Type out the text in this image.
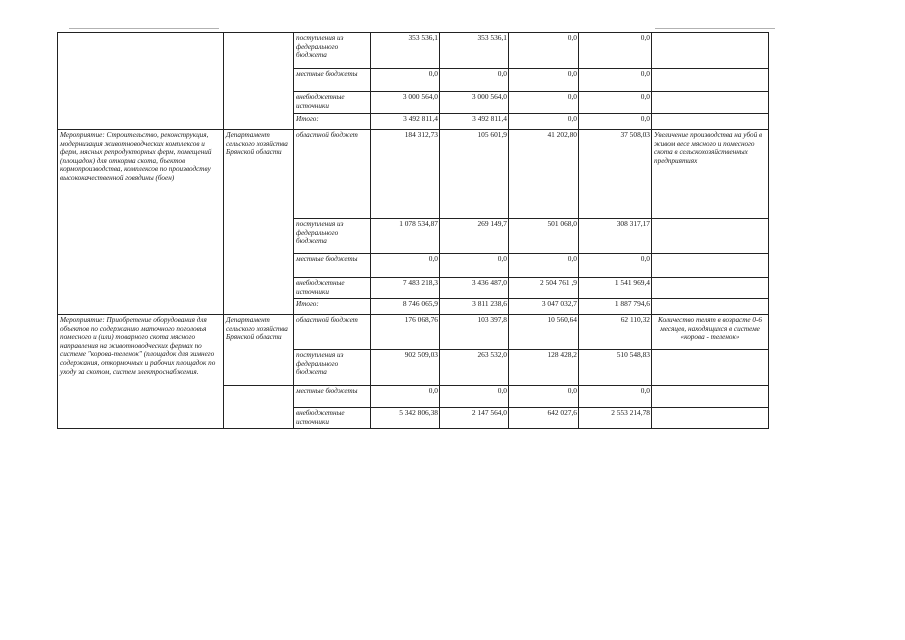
		поступления из федерального бюджета	353 536,1	353 536,1	0,0	0,0	
		местные бюджеты	0,0	0,0	0,0	0,0	
		внебюджетные источники	3 000 564,0	3 000 564,0	0,0	0,0	
		Итого:	3 492 811,4	3 492 811,4	0,0	0,0	
Мероприятие: Строительство, реконструкция, модернизация животноводческих комплексов и ферм, мясных репродукторных ферм, помещений (площадок) для откорма скота, бъектов кормопроизводства, комплексов по производству высококачественной говядины (боен)	Департамент сельского хозяйства Брянской области	областной бюджет	184 312,73	105 601,9	41 202,80	37 508,03	Увеличение производства на убой в живом весе мясного и помесного скота в сельскохозяйственных предприятиях
		поступления из федерального бюджета	1 078 534,87	269 149,7	501 068,0	308 317,17	
		местные бюджеты	0,0	0,0	0,0	0,0	
		внебюджетные источники	7 483 218,3	3 436 487,0	2 504 761 ,9	1 541 969,4	
		Итого:	8 746 065,9	3 811 238,6	3 047 032,7	1 887 794,6	
Мероприятие: Приобретение оборудования для объектов по содержанию маточного поголовья помесного и (или) товарного скота мясного направления на животноводческих фермах по системе "корова-теленок" (площадок для зимнего содержания, откормочных и рабочих площадок по уходу за скотом, систем электроснабжения.	Департамент сельского хозяйства Брянской области	областной бюджет	176 068,76	103 397,8	10 560,64	62 110,32	Количество телят в возрасте 0-6 месяцев, находящихся в системе «корова - теленок»
		поступления из федерального бюджета	902 509,03	263 532,0	128 428,2	510 548,83	
		местные бюджеты	0,0	0,0	0,0	0,0	
		внебюджетные источники	5 342 806,38	2 147 564,0	642 027,6	2 553 214,78	
